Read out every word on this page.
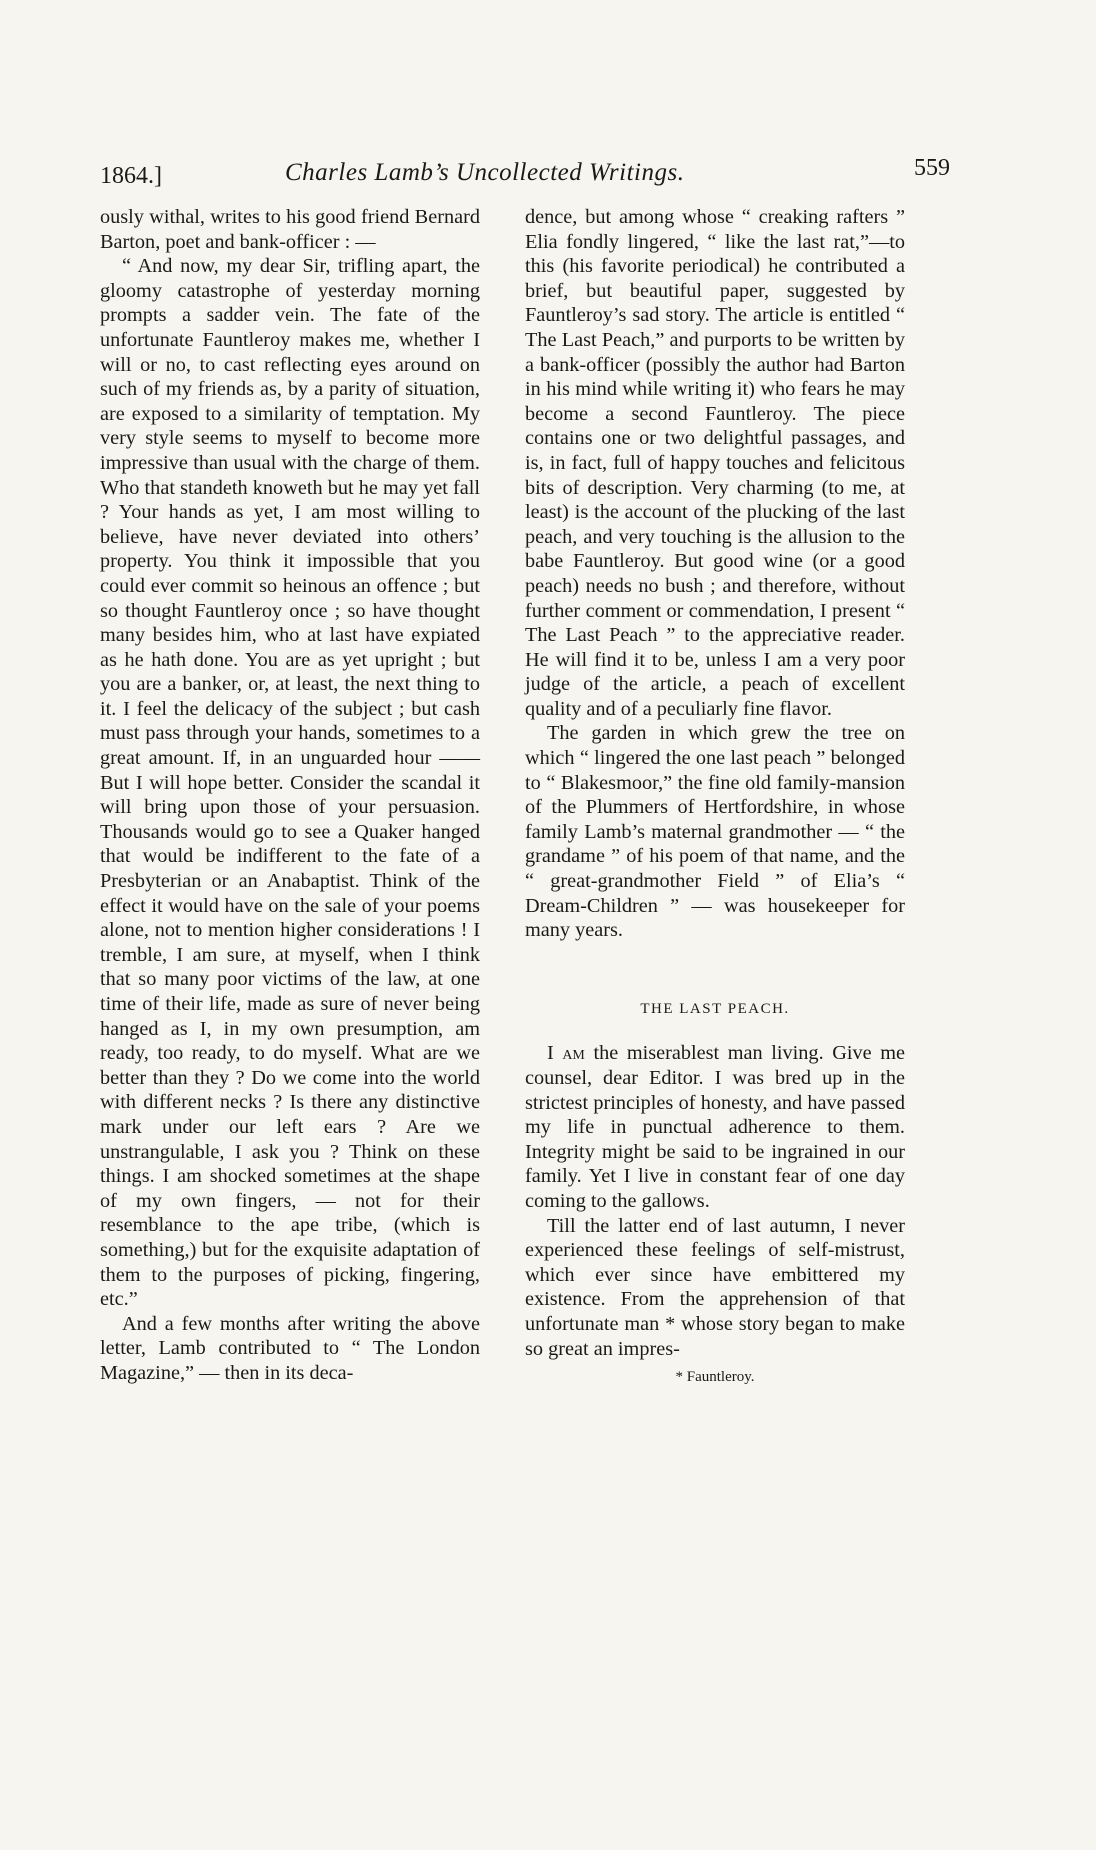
1864.]	Charles Lamb’s Uncollected Writings.	559

ously withal, writes to his good friend Bernard Barton, poet and bank-officer : —

“ And now, my dear Sir, trifling apart, the gloomy catastrophe of yesterday morning prompts a sadder vein. The fate of the unfortunate Fauntleroy makes me, whether I will or no, to cast reflecting eyes around on such of my friends as, by a parity of situation, are exposed to a similarity of temptation. My very style seems to myself to become more impressive than usual with the charge of them. Who that standeth knoweth but he may yet fall ? Your hands as yet, I am most willing to believe, have never deviated into others’ property. You think it impossible that you could ever commit so heinous an offence ; but so thought Fauntleroy once ; so have thought many besides him, who at last have expiated as he hath done. You are as yet upright ; but you are a banker, or, at least, the next thing to it. I feel the delicacy of the subject ; but cash must pass through your hands, sometimes to a great amount. If, in an unguarded hour —— But I will hope better. Consider the scandal it will bring upon those of your persuasion. Thousands would go to see a Quaker hanged that would be indifferent to the fate of a Presbyterian or an Anabaptist. Think of the effect it would have on the sale of your poems alone, not to mention higher considerations ! I tremble, I am sure, at myself, when I think that so many poor victims of the law, at one time of their life, made as sure of never being hanged as I, in my own presumption, am ready, too ready, to do myself. What are we better than they ? Do we come into the world with different necks ? Is there any distinctive mark under our left ears ? Are we unstrangulable, I ask you ? Think on these things. I am shocked sometimes at the shape of my own fingers, — not for their resemblance to the ape tribe, (which is something,) but for the exquisite adaptation of them to the purposes of picking, fingering, etc.”

And a few months after writing the above letter, Lamb contributed to “ The London Magazine,” — then in its deca-

dence, but among whose “ creaking rafters ” Elia fondly lingered, “ like the last rat,”—to this (his favorite periodical) he contributed a brief, but beautiful paper, suggested by Fauntleroy’s sad story. The article is entitled “ The Last Peach,” and purports to be written by a bank-officer (possibly the author had Barton in his mind while writing it) who fears he may become a second Fauntleroy. The piece contains one or two delightful passages, and is, in fact, full of happy touches and felicitous bits of description. Very charming (to me, at least) is the account of the plucking of the last peach, and very touching is the allusion to the babe Fauntleroy. But good wine (or a good peach) needs no bush ; and therefore, without further comment or commendation, I present “ The Last Peach ” to the appreciative reader. He will find it to be, unless I am a very poor judge of the article, a peach of excellent quality and of a peculiarly fine flavor.

The garden in which grew the tree on which “ lingered the one last peach ” belonged to “ Blakesmoor,” the fine old family-mansion of the Plummers of Hertfordshire, in whose family Lamb’s maternal grandmother — “ the grandame ” of his poem of that name, and the “ great-grandmother Field ” of Elia’s “ Dream-Children ” — was housekeeper for many years.

THE LAST PEACH.

I am the miserablest man living. Give me counsel, dear Editor. I was bred up in the strictest principles of honesty, and have passed my life in punctual adherence to them. Integrity might be said to be ingrained in our family. Yet I live in constant fear of one day coming to the gallows.

Till the latter end of last autumn, I never experienced these feelings of self-mistrust, which ever since have embittered my existence. From the apprehension of that unfortunate man * whose story began to make so great an impres-

* Fauntleroy.
